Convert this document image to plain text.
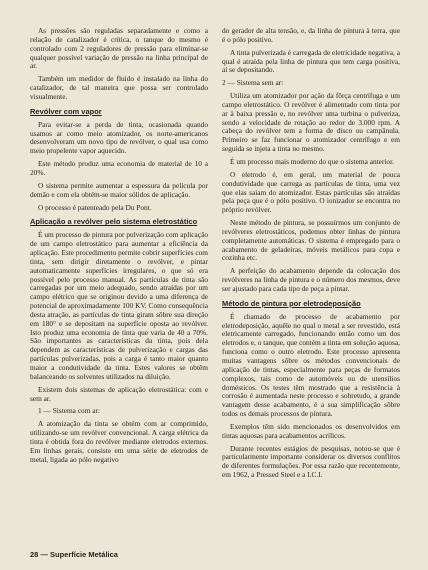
As pressões são reguladas separadamente e como a relação de catalizador é crítica, o tanque do mesmo é controlado com 2 reguladores de pressão para eliminar-se qualquer possível variação de pressão na linha principal de ar.

Também um medidor de fluido é instalado na linha do catalizador, de tal maneira que possa ser controlado visualmente.

Revólver com vapor

Para evitar-se a perda de tinta, ocasionada quando usamos ar como meio atomizador, os norte-americanos desenvolveram um novo tipo de revólver, o qual usa como meio propelente vapor aquecido.

Este método produz uma economia de material de 10 a 20%.

O sistema permite aumentar a espessura da película por demão e com ela obtém-se maior sólidos de aplicação.

O processo é patenteado pela Du Pont.

Aplicação a revólver pelo sistema eletrostático

É um processo de pintura por pulverização com aplicação de um campo eletrostático para aumentar a eficiência da aplicação. Este procedimento permite cobrir superfícies com tinta, sem dirigir diretamente o revólver, e pintar automaticamente superfícies irregulares, o que só era possível pelo processo manual. As partículas de tinta são carregadas por um meio adequado, sendo atraídas por um campo elétrico que se originou devido a uma diferença de potencial de aproximadamente 100 KV. Como consequência desta atração, as partículas de tinta giram sôbre sua direção em 180° e se depositam na superfície oposta ao revólver. Isto produz uma economia de tinta que varia de 40 a 70%. São importantes as características da tinta, pois dela dependem as características de pulverização e cargas das partículas pulverizadas, pois a carga é tanto maior quanto maior a condutividade da tinta. Estes valores se obtêm balanceando os solventes utilizados na diluição.

Existem dois sistemas de aplicação eletrostática: com e sem ar.

1 — Sistema com ar:

A atomização da tinta se obtém com ar comprimido, utilizando-se um revólver convencional. A carga elétrica da tinta é obtida fora do revólver mediante eletrodos externos. Em linhas gerais, consiste em uma série de eletrodos de metal, ligada ao pólo negativo

do gerador de alta tensão, e, da linha de pintura à terra, que é o pólo positivo.

A tinta pulverizada é carregada de eletricidade negativa, a qual é atraída pela linha de pintura que tem carga positiva, aí se depositando.

2 — Sistema sem ar:

Utiliza um atomizador por ação da fôrça centrífuga e um campo eletrostático. O revólver é alimentado com tinta por ar à baixa pressão e, no revólver uma turbina o pulveriza, sendo a velocidade de rotação ao redor de 3.000 rpm. A cabeça do revólver tem a forma de disco ou campânula. Primeiro se faz funcionar o atomizador centrífugo e em seguida se injeta a tinta no mesmo.

É um processo mais moderno do que o sistema anterior.

O eletrodo é, em geral, um material de pouca condutividade que carrega as partículas de tinta, uma vez que elas saiam do atomizador. Estas partículas são atraídas pela peça que é o pólo positivo. O ionizador se encontra no próprio revólver.

Neste método de pintura, se possuírmos um conjunto de revólveres eletrostáticos, podemos obter linhas de pintura completamente automáticas. O sistema é empregado para o acabamento de geladeiras, móveis metálicos para copa e cozinha etc.

A perfeição do acabamento depende da colocação dos revólveres na linha de pintura e o número dos mesmos, deve ser ajustado para cada tipo de peça a pintar.

Método de pintura por eletrodeposição

É chamado de processo de acabamento por eletrodeposição, aquêle no qual o metal a ser revestido, está eletricamente carregado, funcionando então como um dos eletrodos e, o tanque, que contém a tinta em solução aquosa, funciona como o outro eletrodo. Este processo apresenta muitas vantagens sôbre os métodos convencionais de aplicação de tintas, especialmente para peças de formatos complexos, tais como de automóveis ou de utensílios domésticos. Os testes têm mostrado que a resistência à corrosão é aumentada neste processo e sobretudo, a grande vantagem desse acabamento, é a sua simplificação sôbre todos os demais processos de pintura.

Exemplos têm sido mencionados os desenvolvidos em tintas aquosas para acabamentos acrílicos.

Durante recentes estágios de pesquisas, notou-se que é particularmente importante considerar os diversos conflitos de diferentes formulações. Por essa razão que recentemente, em 1962, a Pressed Steel e a I.C.I.

28 — Superfície Metálica
